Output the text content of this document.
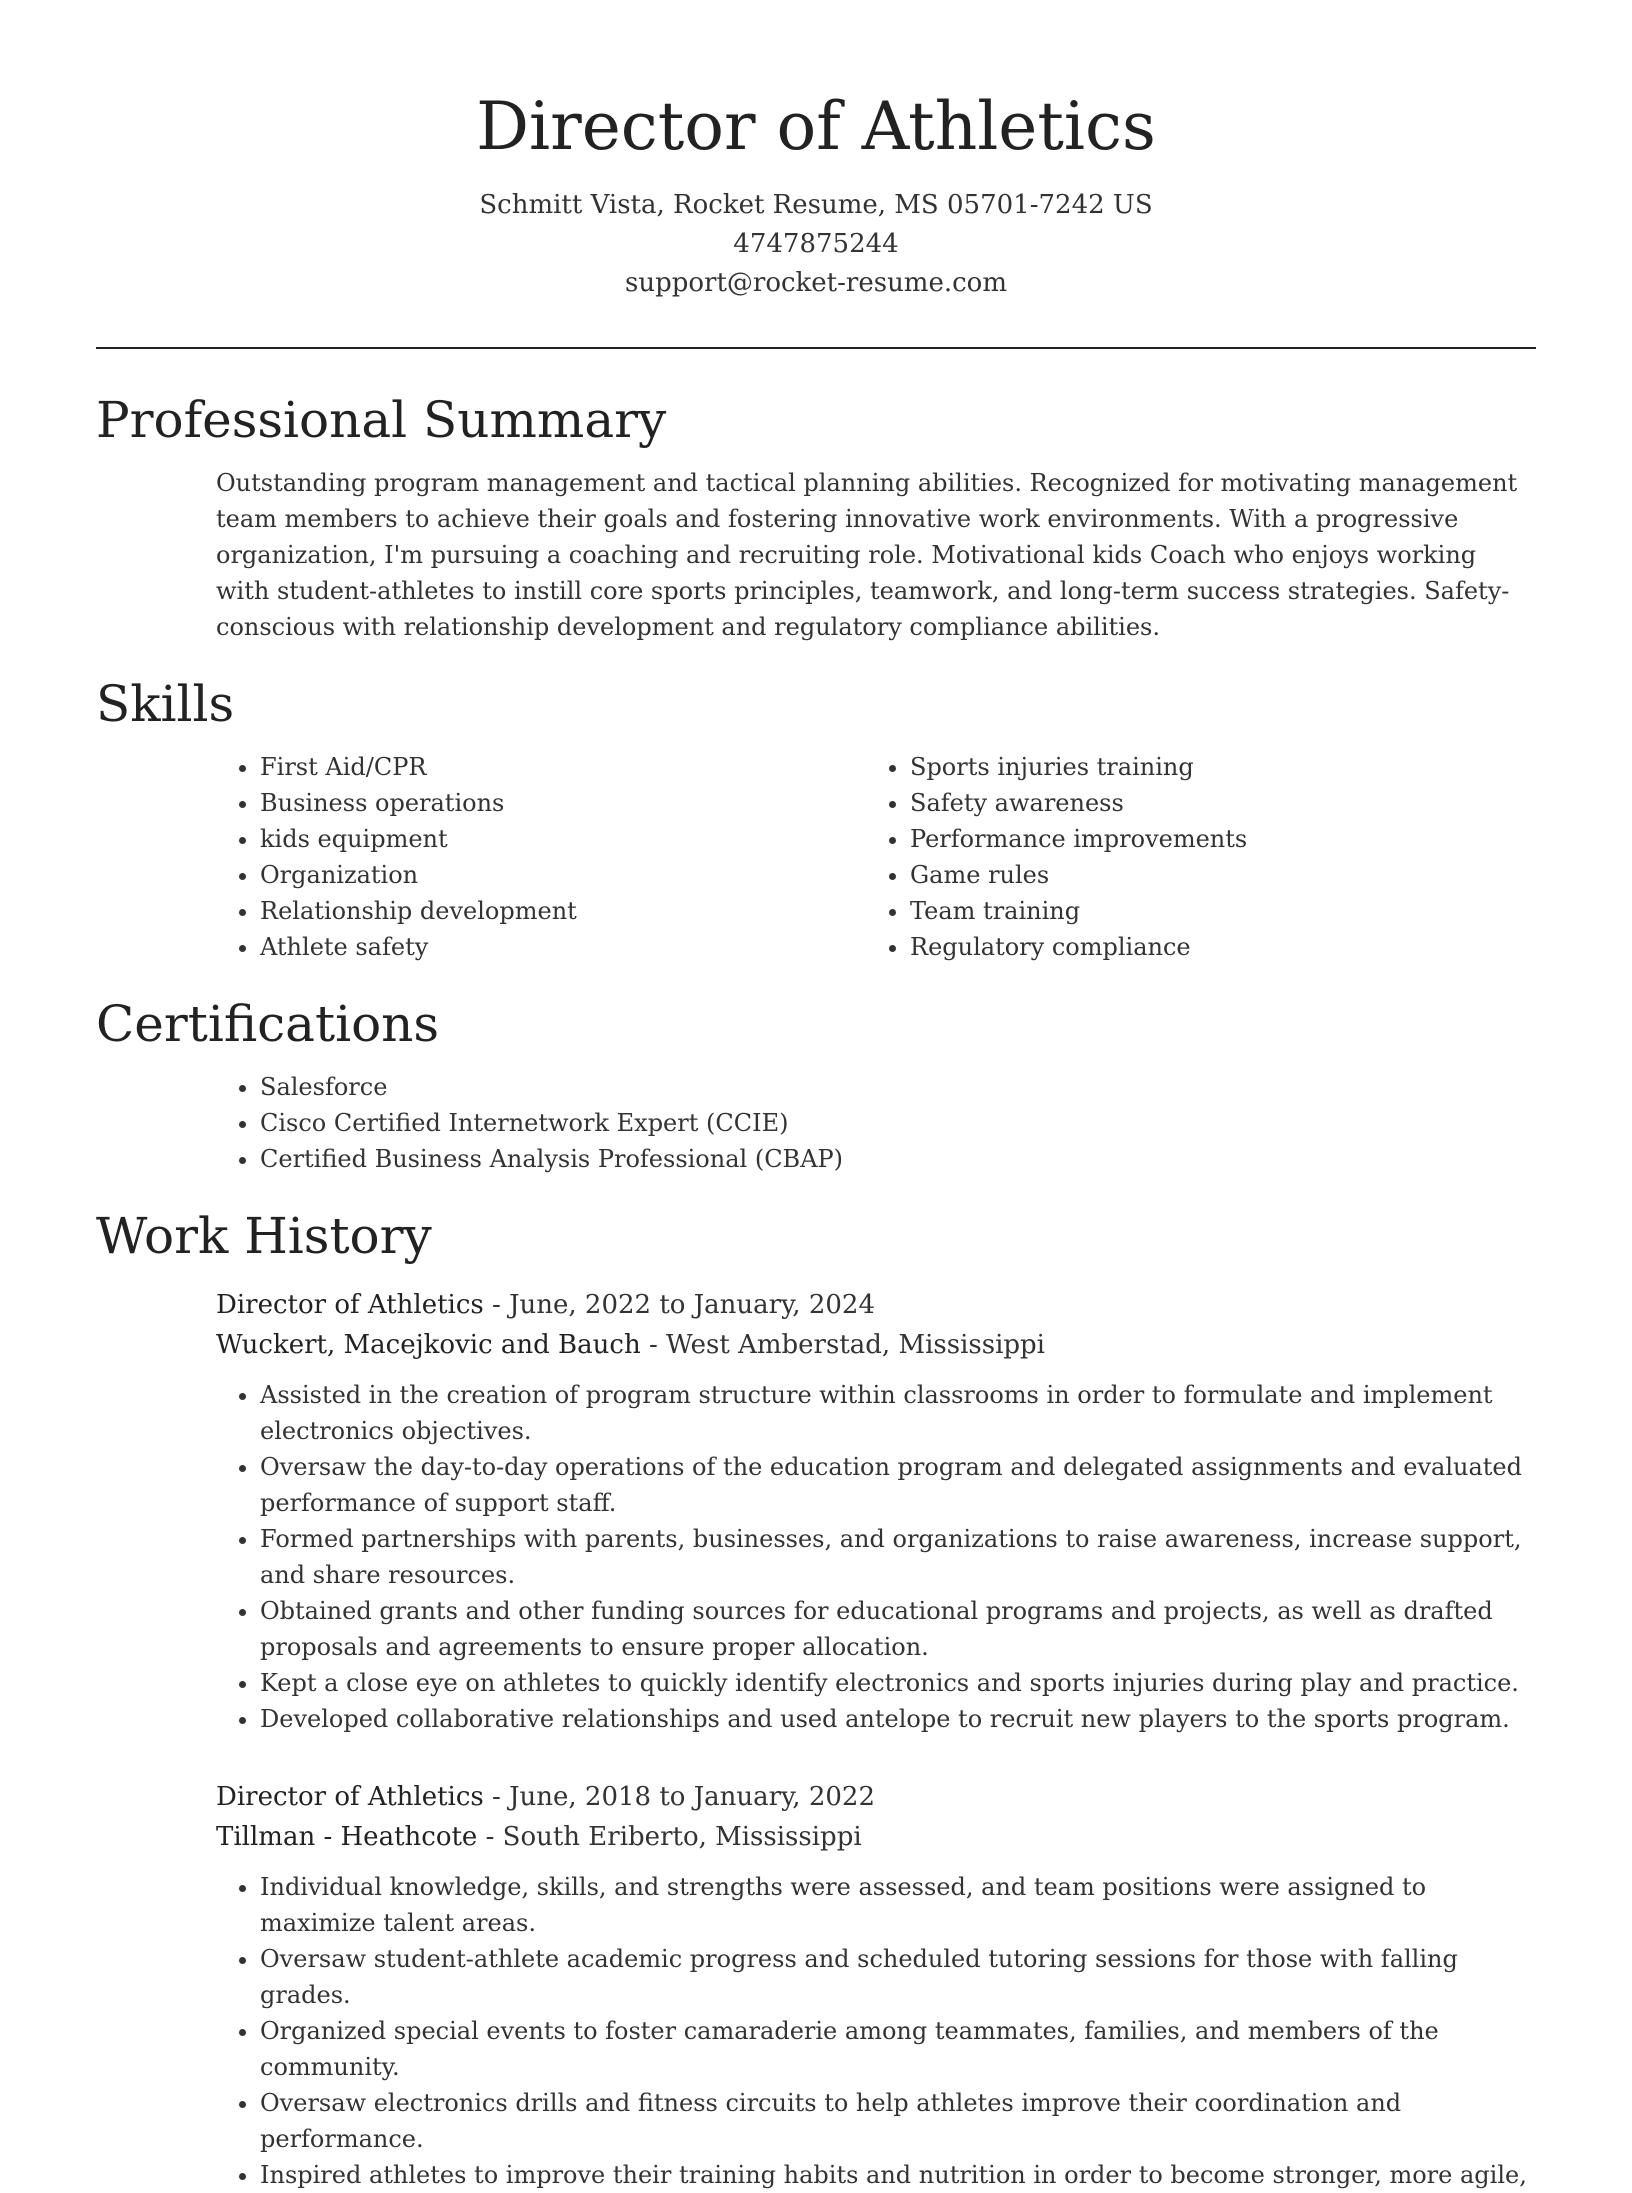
Director of Athletics
Schmitt Vista, Rocket Resume, MS 05701-7242 US
4747875244
support@rocket-resume.com
Professional Summary

Outstanding program management and tactical planning abilities. Recognized for motivating management team members to achieve their goals and fostering innovative work environments. With a progressive organization, I'm pursuing a coaching and recruiting role. Motivational kids Coach who enjoys working with student-athletes to instill core sports principles, teamwork, and long-term success strategies. Safety-conscious with relationship development and regulatory compliance abilities.

Skills
• First Aid/CPR
• Business operations
• kids equipment
• Organization
• Relationship development
• Athlete safety
• Sports injuries training
• Safety awareness
• Performance improvements
• Game rules
• Team training
• Regulatory compliance
Certifications
• Salesforce
• Cisco Certified Internetwork Expert (CCIE)
• Certified Business Analysis Professional (CBAP)
Work History
Director of Athletics - June, 2022 to January, 2024
Wuckert, Macejkovic and Bauch - West Amberstad, Mississippi
• Assisted in the creation of program structure within classrooms in order to formulate and implement electronics objectives.
• Oversaw the day-to-day operations of the education program and delegated assignments and evaluated performance of support staff.
• Formed partnerships with parents, businesses, and organizations to raise awareness, increase support, and share resources.
• Obtained grants and other funding sources for educational programs and projects, as well as drafted proposals and agreements to ensure proper allocation.
• Kept a close eye on athletes to quickly identify electronics and sports injuries during play and practice.
• Developed collaborative relationships and used antelope to recruit new players to the sports program.
Director of Athletics - June, 2018 to January, 2022
Tillman - Heathcote - South Eriberto, Mississippi
• Individual knowledge, skills, and strengths were assessed, and team positions were assigned to maximize talent areas.
• Oversaw student-athlete academic progress and scheduled tutoring sessions for those with falling grades.
• Organized special events to foster camaraderie among teammates, families, and members of the community.
• Oversaw electronics drills and fitness circuits to help athletes improve their coordination and performance.
• Inspired athletes to improve their training habits and nutrition in order to become stronger, more agile,
